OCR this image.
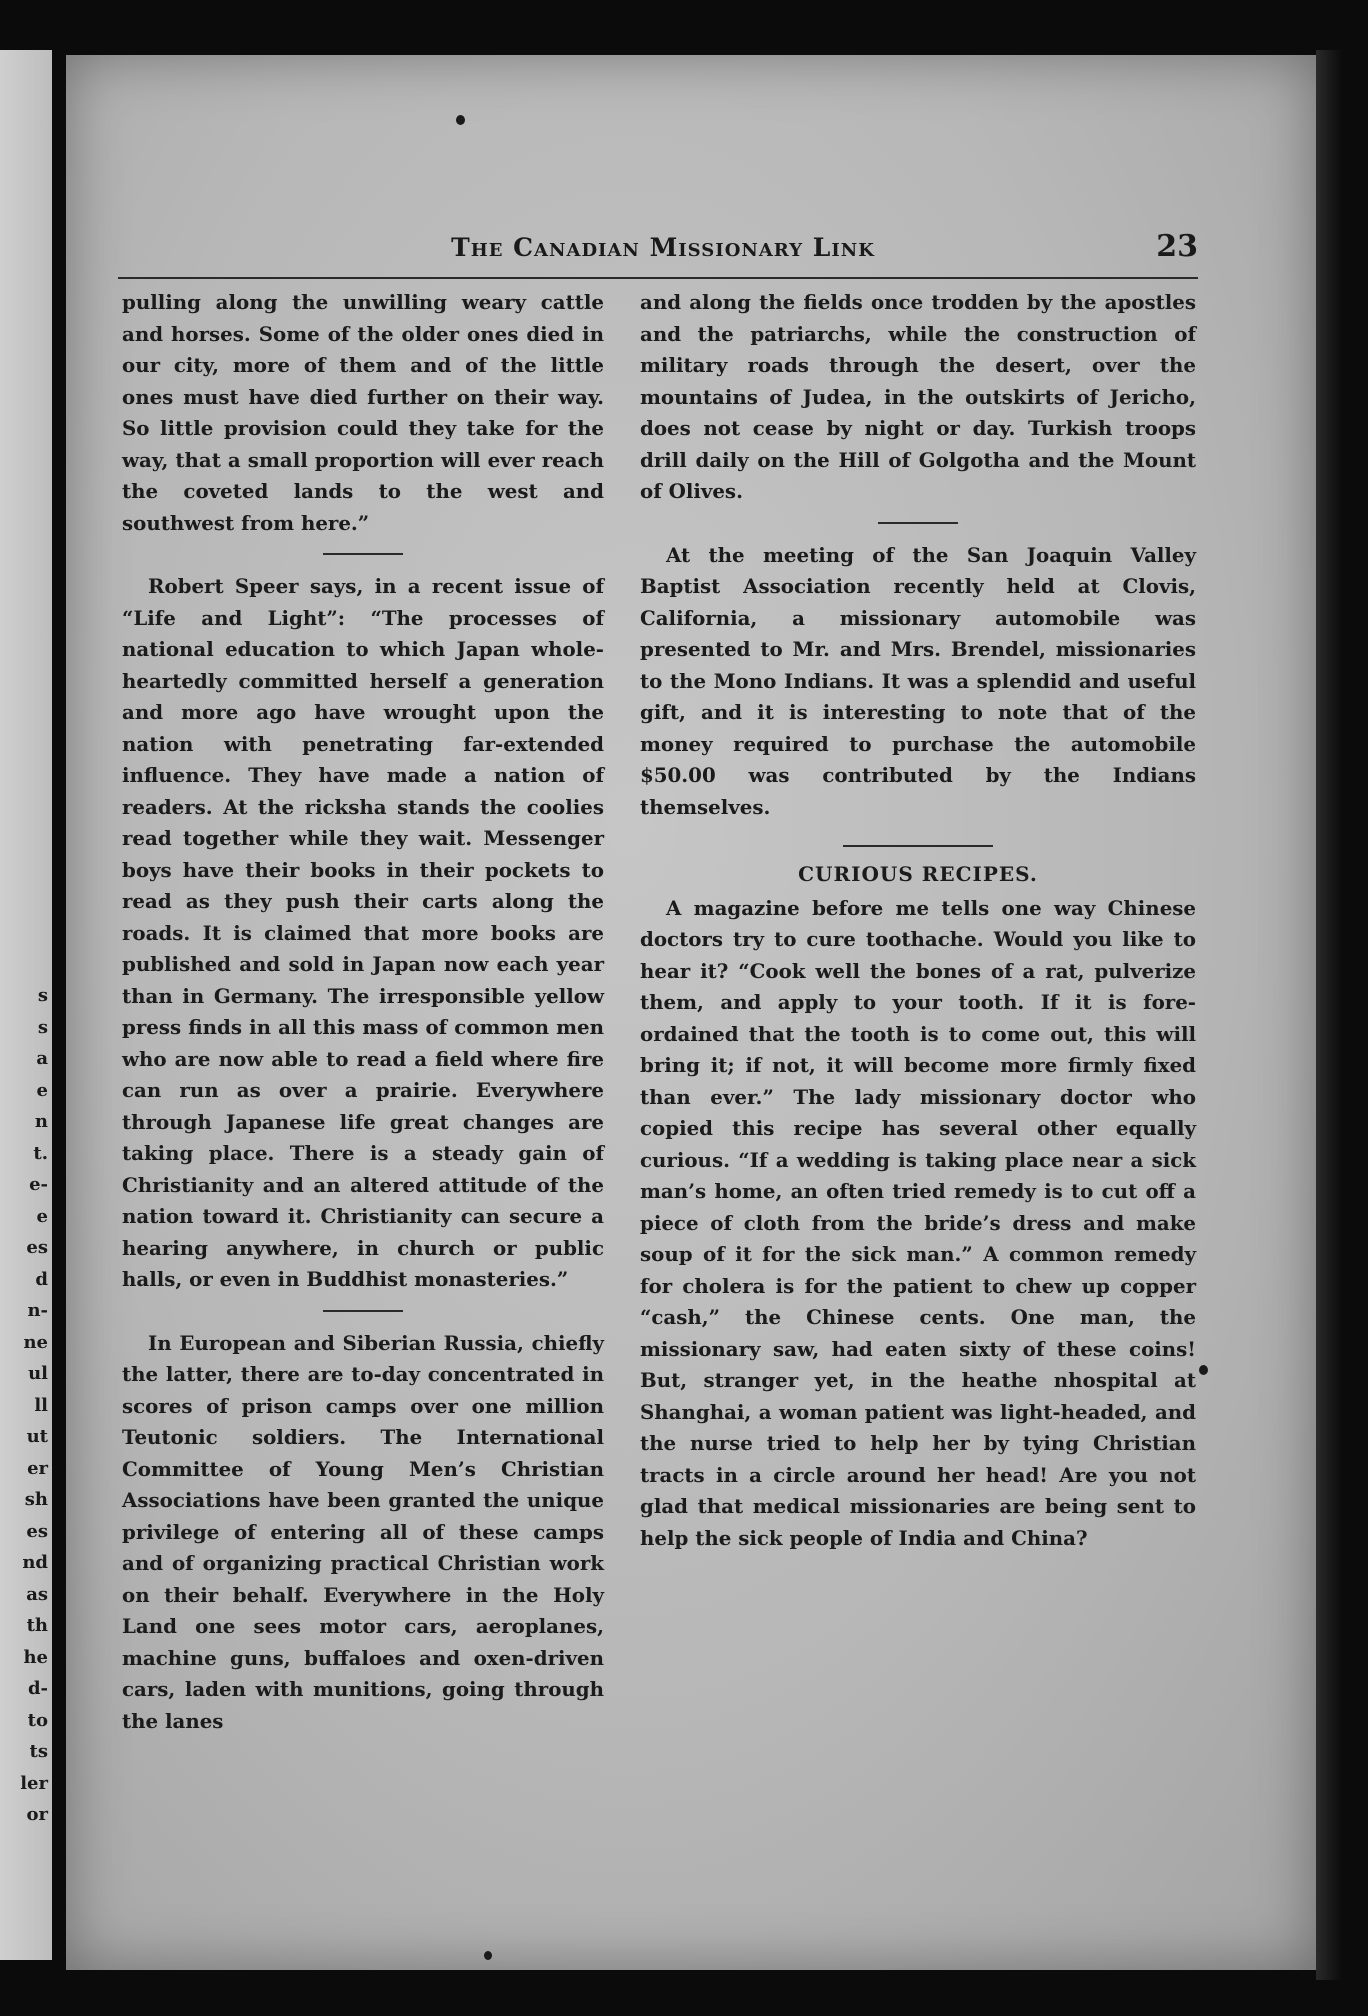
s
s
a
e
n
t.
e-
e
es
d
n-
ne
ul
ll
ut
er
sh
es
nd
as
th
he
d-
to
ts
ler
or
The Canadian Missionary Link	23

pulling along the unwilling weary cattle and horses. Some of the older ones died in our city, more of them and of the little ones must have died further on their way. So little provision could they take for the way, that a small proportion will ever reach the coveted lands to the west and southwest from here.”

Robert Speer says, in a recent issue of “Life and Light”: “The processes of national education to which Japan whole-heartedly committed herself a generation and more ago have wrought upon the nation with penetrating far-extended influence. They have made a nation of readers. At the ricksha stands the coolies read together while they wait. Messenger boys have their books in their pockets to read as they push their carts along the roads. It is claimed that more books are published and sold in Japan now each year than in Germany. The irresponsible yellow press finds in all this mass of common men who are now able to read a field where fire can run as over a prairie. Everywhere through Japanese life great changes are taking place. There is a steady gain of Christianity and an altered attitude of the nation toward it. Christianity can secure a hearing anywhere, in church or public halls, or even in Buddhist monasteries.”

In European and Siberian Russia, chiefly the latter, there are to-day concentrated in scores of prison camps over one million Teutonic soldiers. The International Committee of Young Men’s Christian Associations have been granted the unique privilege of entering all of these camps and of organizing practical Christian work on their behalf. Everywhere in the Holy Land one sees motor cars, aeroplanes, machine guns, buffaloes and oxen-driven cars, laden with munitions, going through the lanes

and along the fields once trodden by the apostles and the patriarchs, while the construction of military roads through the desert, over the mountains of Judea, in the outskirts of Jericho, does not cease by night or day. Turkish troops drill daily on the Hill of Golgotha and the Mount of Olives.

At the meeting of the San Joaquin Valley Baptist Association recently held at Clovis, California, a missionary automobile was presented to Mr. and Mrs. Brendel, missionaries to the Mono Indians. It was a splendid and useful gift, and it is interesting to note that of the money required to purchase the automobile $50.00 was contributed by the Indians themselves.

CURIOUS RECIPES.

A magazine before me tells one way Chinese doctors try to cure toothache. Would you like to hear it? “Cook well the bones of a rat, pulverize them, and apply to your tooth. If it is foreordained that the tooth is to come out, this will bring it; if not, it will become more firmly fixed than ever.” The lady missionary doctor who copied this recipe has several other equally curious. “If a wedding is taking place near a sick man’s home, an often tried remedy is to cut off a piece of cloth from the bride’s dress and make soup of it for the sick man.” A common remedy for cholera is for the patient to chew up copper “cash,” the Chinese cents. One man, the missionary saw, had eaten sixty of these coins! But, stranger yet, in the heathe nhospital at Shanghai, a woman patient was light-headed, and the nurse tried to help her by tying Christian tracts in a circle around her head! Are you not glad that medical missionaries are being sent to help the sick people of India and China?
